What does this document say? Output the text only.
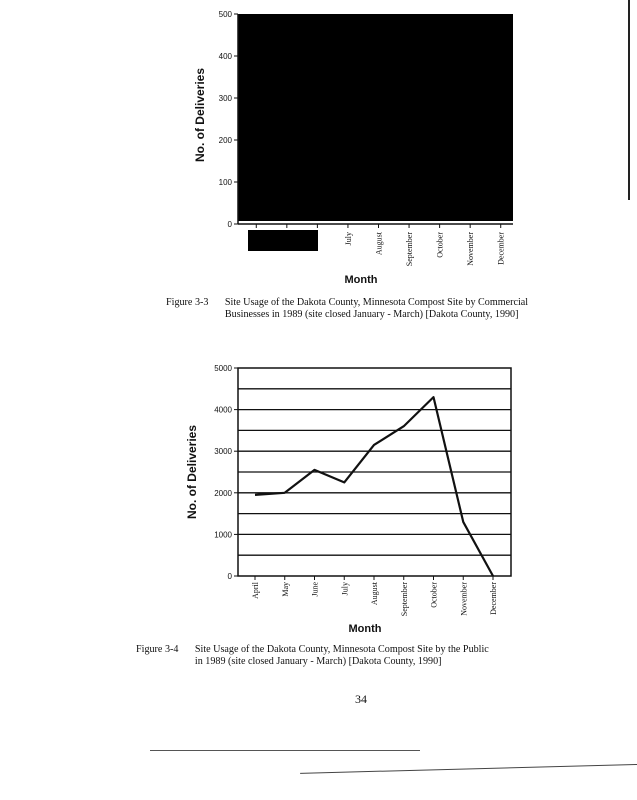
0
100
200
300
400
500
July	August	September	October	November	December
No. of Deliveries
Month
0
1000
2000
3000
4000
5000
April	May	June	July	August	September	October	November	December
No. of Deliveries
Month
Figure 3-3 Site Usage of the Dakota County, Minnesota Compost Site by Commercial Businesses in 1989 (site closed January - March) [Dakota County, 1990]
Figure 3-4 Site Usage of the Dakota County, Minnesota Compost Site by the Public in 1989 (site closed January - March) [Dakota County, 1990]
34
